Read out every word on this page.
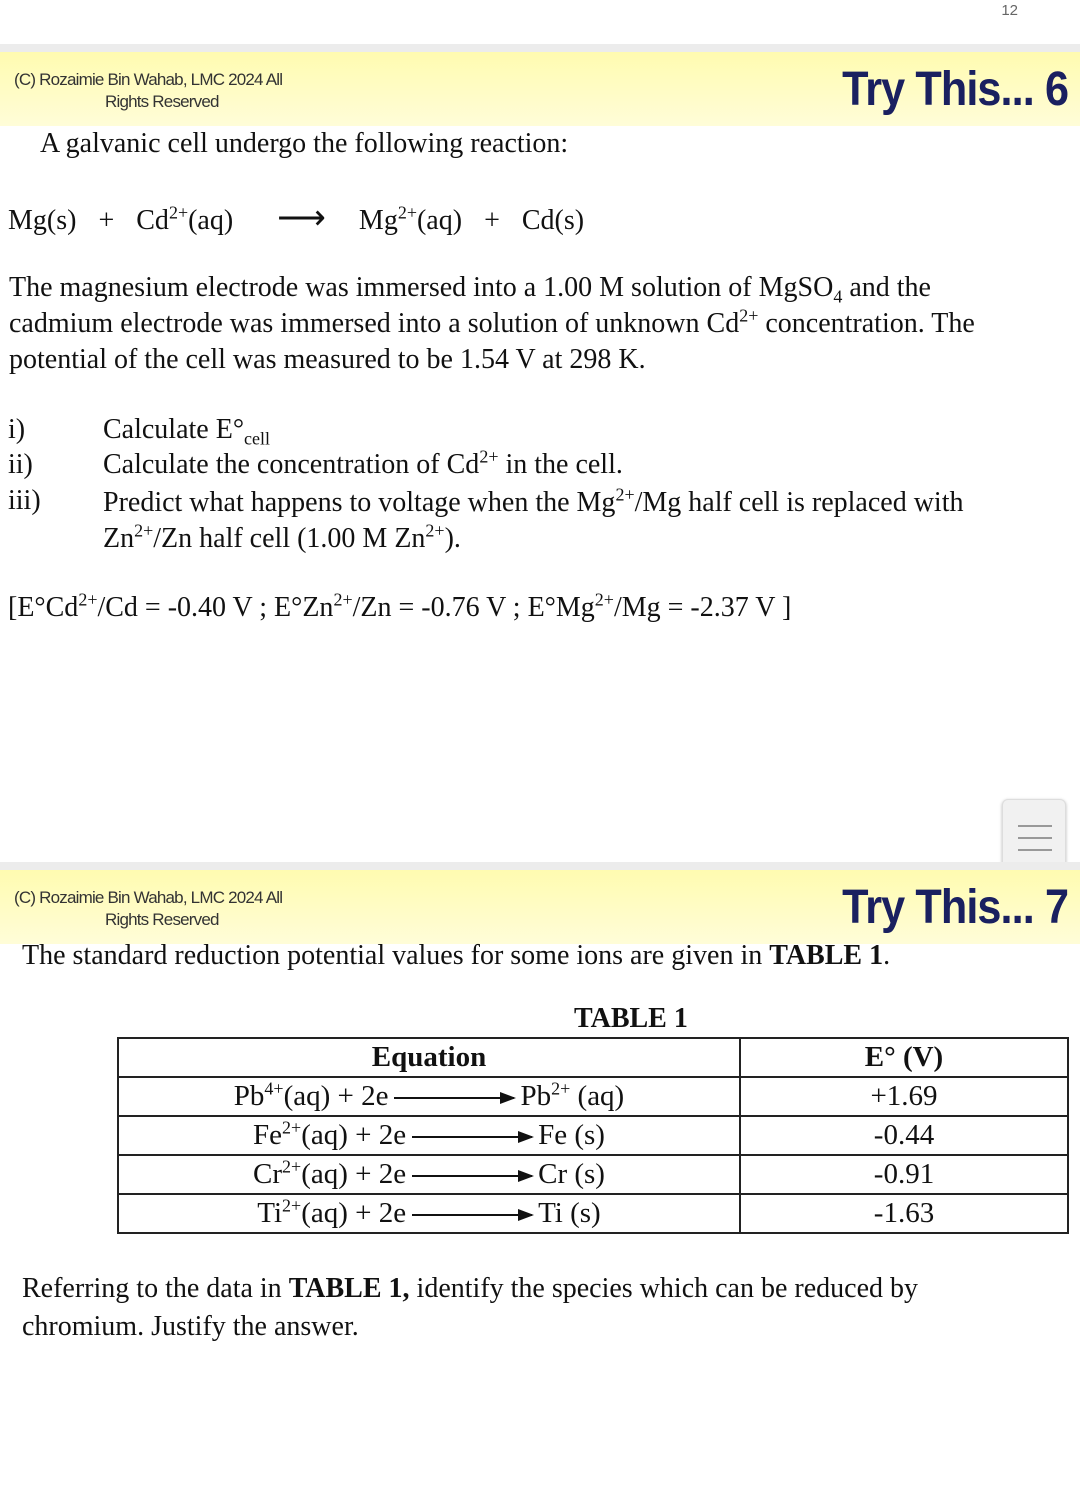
12
(C) Rozaimie Bin Wahab, LMC 2024 All
Rights Reserved	Try This... 6
A galvanic cell undergo the following reaction:
$Mg(s) + Cd^{2+}(aq)$ ⟶ $Mg^{2+}(aq) + Cd(s)$
The magnesium electrode was immersed into a 1.00 M solution of MgSO$_4$ and the
cadmium electrode was immersed into a solution of unknown $Cd^{2+}$ concentration. The
potential of the cell was measured to be 1.54 V at 298 K.
i)	Calculate $E^\circ_{cell}$
ii)	Calculate the concentration of $Cd^{2+}$ in the cell.
iii) Predict what happens to voltage when the $Mg^{2+}/Mg$ half cell is replaced with
$Zn^{2+}/Zn$ half cell (1.00 M $Zn^{2+}$).
[$E^\circ Cd^{2+}/Cd = -0.40$ V ; $E^\circ Zn^{2+}/Zn = -0.76$ V ; $E^\circ Mg^{2+}/Mg = -2.37$ V ]
(C) Rozaimie Bin Wahab, LMC 2024 All
Rights Reserved	Try This... 7
The standard reduction potential values for some ions are given in TABLE 1.
TABLE 1
Equation	E° (V)
$Pb^{4+}(aq) + 2e$ $Pb^{2+}$ (aq)	+1.69
$Fe^{2+}(aq) + 2e$ Fe (s)	-0.44
$Cr^{2+}(aq) + 2e$ Cr (s)	-0.91
$Ti^{2+}(aq) + 2e$ Ti (s)	-1.63
Referring to the data in TABLE 1, identify the species which can be reduced by
chromium. Justify the answer.
